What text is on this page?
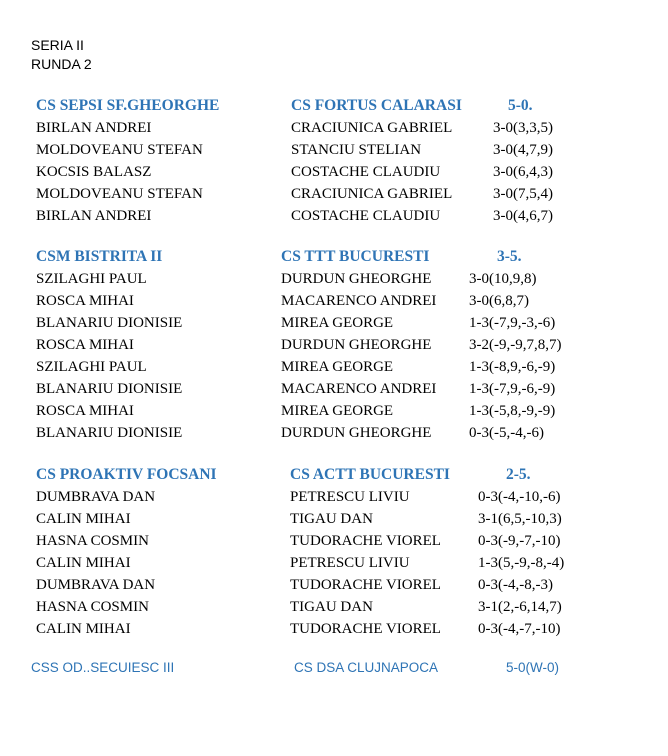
SERIA II
RUNDA 2
CS SEPSI SF.GHEORGHE	CS FORTUS CALARASI	5-0.
BIRLAN ANDREI	CRACIUNICA GABRIEL	3-0(3,3,5)
MOLDOVEANU STEFAN	STANCIU STELIAN	3-0(4,7,9)
KOCSIS BALASZ	COSTACHE CLAUDIU	3-0(6,4,3)
MOLDOVEANU STEFAN	CRACIUNICA GABRIEL	3-0(7,5,4)
BIRLAN ANDREI	COSTACHE CLAUDIU	3-0(4,6,7)
CSM BISTRITA II	CS TTT BUCURESTI	3-5.
SZILAGHI PAUL	DURDUN GHEORGHE	3-0(10,9,8)
ROSCA MIHAI	MACARENCO ANDREI 3-0(6,8,7)
BLANARIU DIONISIE	MIREA GEORGE	1-3(-7,9,-3,-6)
ROSCA MIHAI	DURDUN GHEORGHE	3-2(-9,-9,7,8,7)
SZILAGHI PAUL	MIREA GEORGE	1-3(-8,9,-6,-9)
BLANARIU DIONISIE	MACARENCO ANDREI 1-3(-7,9,-6,-9)
ROSCA MIHAI	MIREA GEORGE	1-3(-5,8,-9,-9)
BLANARIU DIONISIE	DURDUN GHEORGHE	0-3(-5,-4,-6)
CS PROAKTIV FOCSANI	CS ACTT BUCURESTI	2-5.
DUMBRAVA DAN	PETRESCU LIVIU	0-3(-4,-10,-6)
CALIN MIHAI	TIGAU DAN	3-1(6,5,-10,3)
HASNA COSMIN	TUDORACHE VIOREL 0-3(-9,-7,-10)
CALIN MIHAI	PETRESCU LIVIU	1-3(5,-9,-8,-4)
DUMBRAVA DAN	TUDORACHE VIOREL 0-3(-4,-8,-3)
HASNA COSMIN	TIGAU DAN	3-1(2,-6,14,7)
CALIN MIHAI	TUDORACHE VIOREL 0-3(-4,-7,-10)
CSS OD..SECUIESC III	CS DSA CLUJNAPOCA	5-0(W-0)
